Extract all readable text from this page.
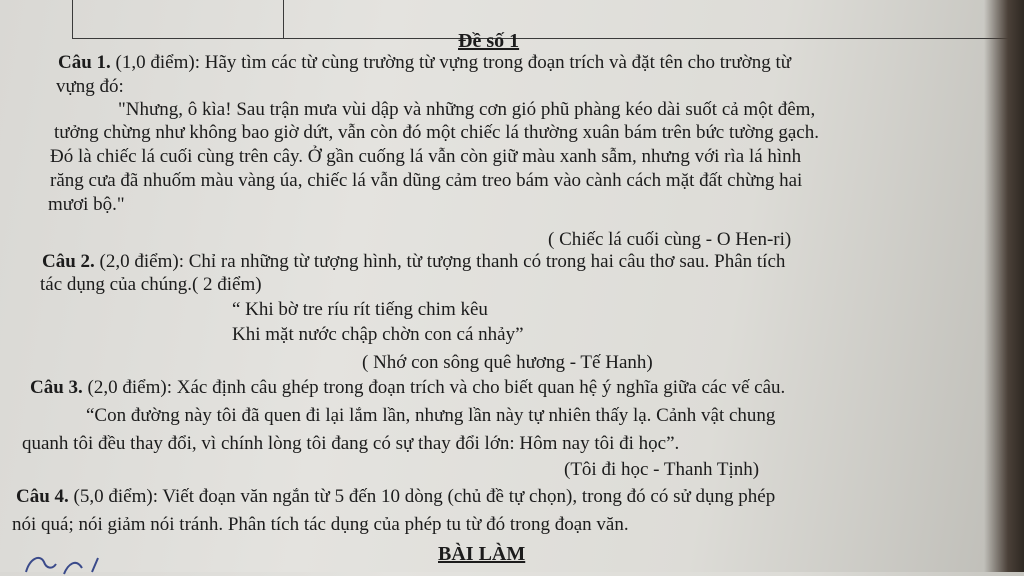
Đề số 1
Câu 1. (1,0 điểm): Hãy tìm các từ cùng trường từ vựng trong đoạn trích và đặt tên cho trường từ
vựng đó:
"Nhưng, ô kìa! Sau trận mưa vùi dập và những cơn gió phũ phàng kéo dài suốt cả một đêm,
tưởng chừng như không bao giờ dứt, vẫn còn đó một chiếc lá thường xuân bám trên bức tường gạch.
Đó là chiếc lá cuối cùng trên cây. Ở gần cuống lá vẫn còn giữ màu xanh sẫm, nhưng với rìa lá hình
răng cưa đã nhuốm màu vàng úa, chiếc lá vẫn dũng cảm treo bám vào cành cách mặt đất chừng hai
mươi bộ."
( Chiếc lá cuối cùng - O Hen-ri)
Câu 2. (2,0 điểm): Chỉ ra những từ tượng hình, từ tượng thanh có trong hai câu thơ sau. Phân tích
tác dụng của chúng.( 2 điểm)
“ Khi bờ tre ríu rít tiếng chim kêu
Khi mặt nước chập chờn con cá nhảy”
( Nhớ con sông quê hương - Tế Hanh)
Câu 3. (2,0 điểm): Xác định câu ghép trong đoạn trích và cho biết quan hệ ý nghĩa giữa các vế câu.
“Con đường này tôi đã quen đi lại lắm lần, nhưng lần này tự nhiên thấy lạ. Cảnh vật chung
quanh tôi đều thay đổi, vì chính lòng tôi đang có sự thay đổi lớn: Hôm nay tôi đi học”.
(Tôi đi học - Thanh Tịnh)
Câu 4. (5,0 điểm): Viết đoạn văn ngắn từ 5 đến 10 dòng (chủ đề tự chọn), trong đó có sử dụng phép
nói quá; nói giảm nói tránh. Phân tích tác dụng của phép tu từ đó trong đoạn văn.
BÀI LÀM
